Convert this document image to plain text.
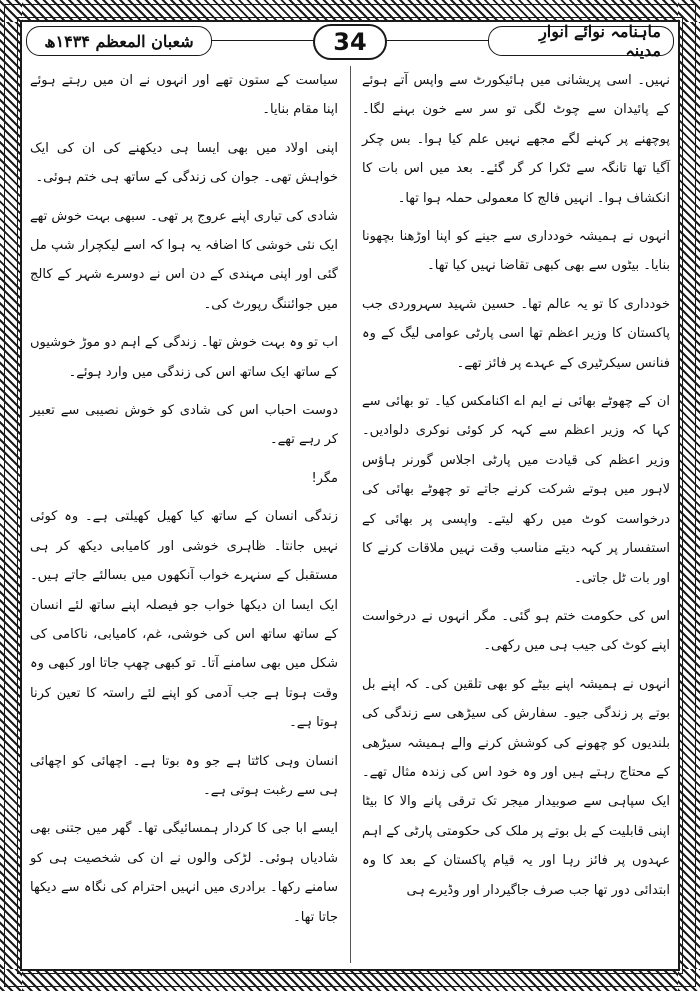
ماہنامہ نوائے انوارِ مدینہ
34
شعبان المعظم ۱۴۳۴ھ

نہیں۔ اسی پریشانی میں ہائیکورٹ سے واپس آتے ہوئے کے پائیدان سے چوٹ لگی تو سر سے خون بہنے لگا۔ پوچھنے پر کہنے لگے مجھے نہیں علم کیا ہوا۔ بس چکر آگیا تھا تانگہ سے ٹکرا کر گر گئے۔ بعد میں اس بات کا انکشاف ہوا۔ انہیں فالج کا معمولی حملہ ہوا تھا۔

انہوں نے ہمیشہ خودداری سے جینے کو اپنا اوڑھنا بچھونا بنایا۔ بیٹوں سے بھی کبھی تقاضا نہیں کیا تھا۔

خودداری کا تو یہ عالم تھا۔ حسین شہید سہروردی جب پاکستان کا وزیر اعظم تھا اسی پارٹی عوامی لیگ کے وہ فنانس سیکرٹیری کے عہدے پر فائز تھے۔

ان کے چھوٹے بھائی نے ایم اے اکنامکس کیا۔ تو بھائی سے کہا کہ وزیر اعظم سے کہہ کر کوئی نوکری دلوادیں۔ وزیر اعظم کی قیادت میں پارٹی اجلاس گورنر ہاؤس لاہور میں ہوتے شرکت کرنے جاتے تو چھوٹے بھائی کی درخواست کوٹ میں رکھ لیتے۔ واپسی پر بھائی کے استفسار پر کہہ دیتے مناسب وقت نہیں ملاقات کرنے کا اور بات ٹل جاتی۔

اس کی حکومت ختم ہو گئی۔ مگر انہوں نے درخواست اپنے کوٹ کی جیب ہی میں رکھی۔

انہوں نے ہمیشہ اپنے بیٹے کو بھی تلقین کی۔ کہ اپنے بل بوتے پر زندگی جیو۔ سفارش کی سیڑھی سے زندگی کی بلندیوں کو چھونے کی کوشش کرنے والے ہمیشہ سیڑھی کے محتاج رہتے ہیں اور وہ خود اس کی زندہ مثال تھے۔ ایک سپاہی سے صوبیدار میجر تک ترقی پانے والا کا بیٹا اپنی قابلیت کے بل بوتے پر ملک کی حکومتی پارٹی کے اہم عہدوں پر فائز رہا اور یہ قیام پاکستان کے بعد کا وہ ابتدائی دور تھا جب صرف جاگیردار اور وڈیرے ہی

سیاست کے ستون تھے اور انہوں نے ان میں رہتے ہوئے اپنا مقام بنایا۔

اپنی اولاد میں بھی ایسا ہی دیکھنے کی ان کی ایک خواہش تھی۔ جوان کی زندگی کے ساتھ ہی ختم ہوئی۔

شادی کی تیاری اپنے عروج پر تھی۔ سبھی بہت خوش تھے ایک نئی خوشی کا اضافہ یہ ہوا کہ اسے لیکچرار شپ مل گئی اور اپنی مہندی کے دن اس نے دوسرے شہر کے کالج میں جوائننگ رپورٹ کی۔

اب تو وہ بہت خوش تھا۔ زندگی کے اہم دو موڑ خوشیوں کے ساتھ ایک ساتھ اس کی زندگی میں وارد ہوئے۔

دوست احباب اس کی شادی کو خوش نصیبی سے تعبیر کر رہے تھے۔

مگر!

زندگی انسان کے ساتھ کیا کھیل کھیلتی ہے۔ وہ کوئی نہیں جانتا۔ ظاہری خوشی اور کامیابی دیکھ کر ہی مستقبل کے سنہرے خواب آنکھوں میں بسالئے جاتے ہیں۔ ایک ایسا ان دیکھا خواب جو فیصلہ اپنے ساتھ لئے انسان کے ساتھ ساتھ اس کی خوشی، غم، کامیابی، ناکامی کی شکل میں بھی سامنے آتا۔ تو کبھی چھپ جاتا اور کبھی وہ وقت ہوتا ہے جب آدمی کو اپنے لئے راستہ کا تعین کرنا ہوتا ہے۔

انسان وہی کاٹتا ہے جو وہ بوتا ہے۔ اچھائی کو اچھائی ہی سے رغبت ہوتی ہے۔

ایسے ابا جی کا کردار ہمسائیگی تھا۔ گھر میں جتنی بھی شادیاں ہوئی۔ لڑکی والوں نے ان کی شخصیت ہی کو سامنے رکھا۔ برادری میں انہیں احترام کی نگاہ سے دیکھا جاتا تھا۔
